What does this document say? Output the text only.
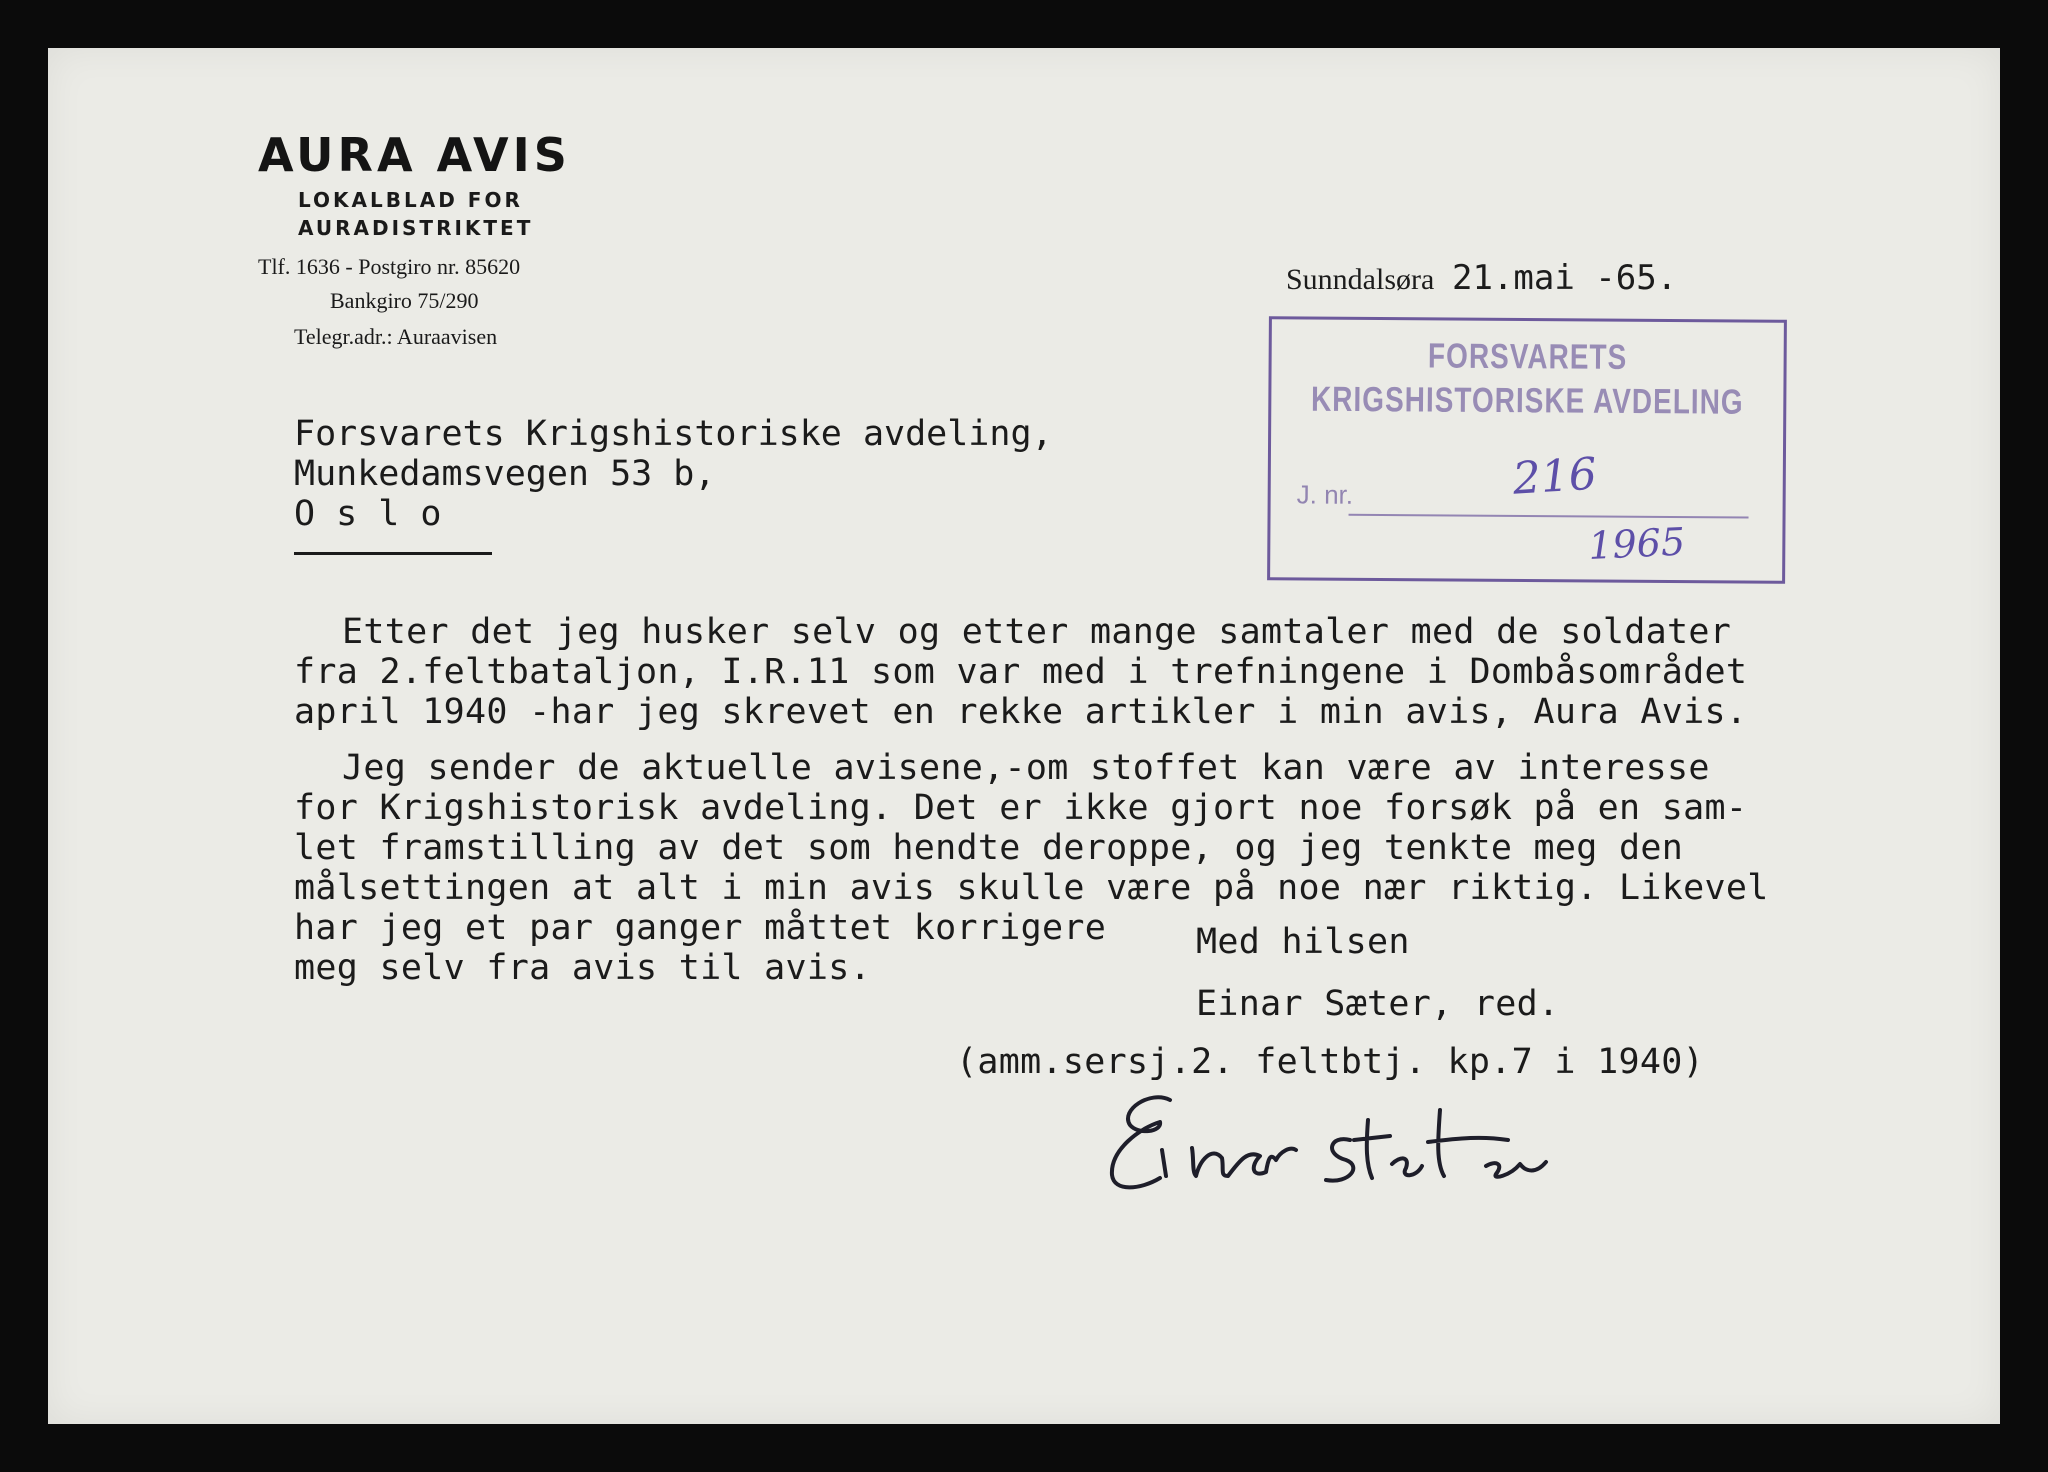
AURA AVIS
LOKALBLAD FOR
AURADISTRIKTET
Tlf. 1636 - Postgiro nr. 85620
Bankgiro 75/290
Telegr.adr.: Auraavisen
Sunndalsøra 21.mai -65.
FORSVARETS
KRIGSHISTORISKE AVDELING
J. nr.	216
1965
Forsvarets Krigshistoriske avdeling,
Munkedamsvegen 53 b,
O s l o
Etter det jeg husker selv og etter mange samtaler med de soldater
fra 2.feltbataljon, I.R.11 som var med i trefningene i Dombåsområdet
april 1940 -har jeg skrevet en rekke artikler i min avis, Aura Avis.
Jeg sender de aktuelle avisene,-om stoffet kan være av interesse
for Krigshistorisk avdeling. Det er ikke gjort noe forsøk på en sam-
let framstilling av det som hendte deroppe, og jeg tenkte meg den
målsettingen at alt i min avis skulle være på noe nær riktig. Likevel
har jeg et par ganger måttet korrigere
meg selv fra avis til avis.
Med hilsen
Einar Sæter, red.
(amm.sersj.2. feltbtj. kp.7 i 1940)
